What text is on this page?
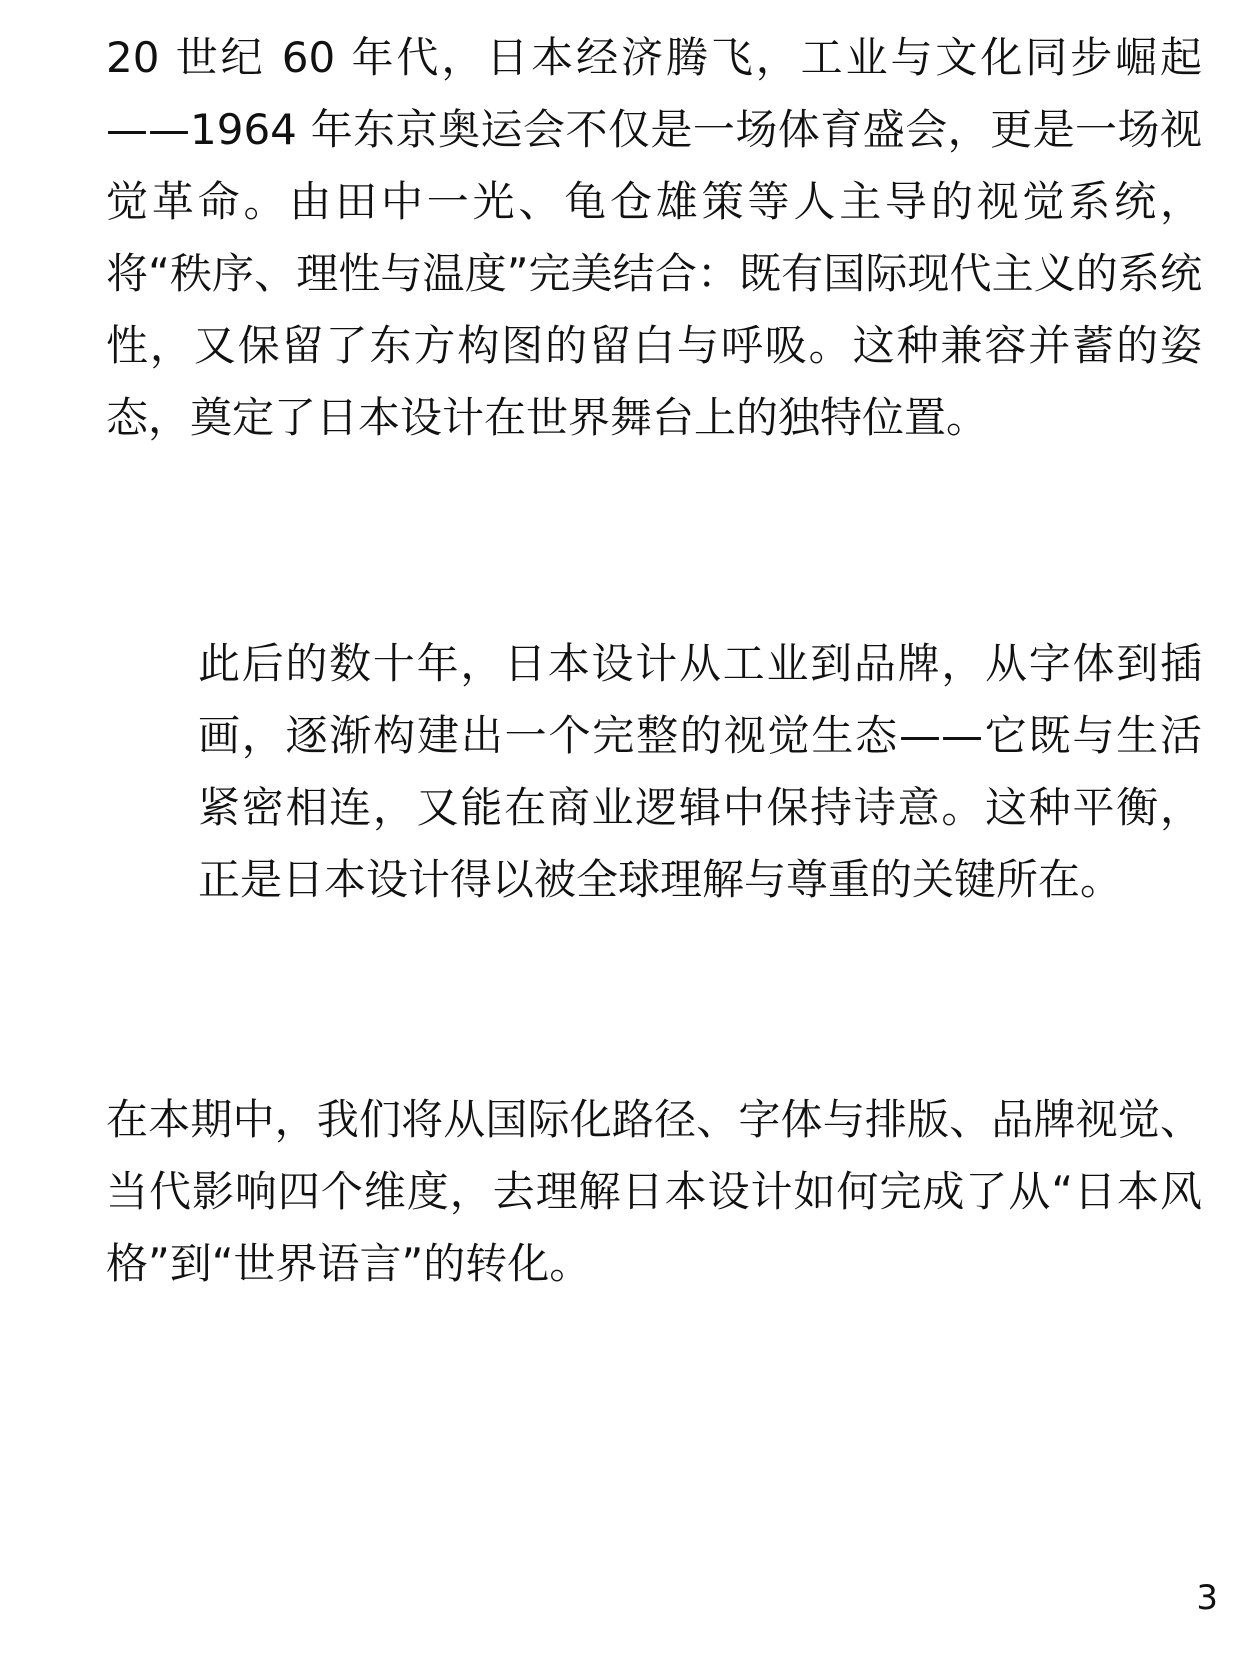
20 世纪 60 年代，日本经济腾飞，工业与文化同步崛起——1964 年东京奥运会不仅是一场体育盛会，更是一场视觉革命。由田中一光、龟仓雄策等人主导的视觉系统，将“秩序、理性与温度”完美结合：既有国际现代主义的系统性，又保留了东方构图的留白与呼吸。这种兼容并蓄的姿态，奠定了日本设计在世界舞台上的独特位置。

此后的数十年，日本设计从工业到品牌，从字体到插画，逐渐构建出一个完整的视觉生态——它既与生活紧密相连，又能在商业逻辑中保持诗意。这种平衡，正是日本设计得以被全球理解与尊重的关键所在。

在本期中，我们将从国际化路径、字体与排版、品牌视觉、当代影响四个维度，去理解日本设计如何完成了从“日本风格”到“世界语言”的转化。

3
